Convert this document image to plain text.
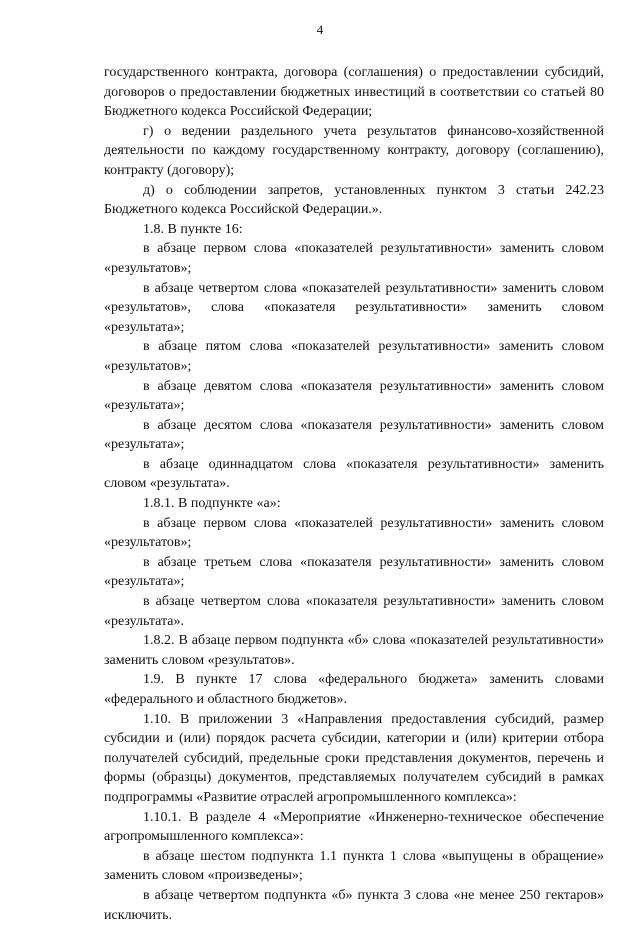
4

государственного контракта, договора (соглашения) о предоставлении субсидий, договоров о предоставлении бюджетных инвестиций в соответствии со статьей 80 Бюджетного кодекса Российской Федерации;

г) о ведении раздельного учета результатов финансово-хозяйственной деятельности по каждому государственному контракту, договору (соглашению), контракту (договору);

д) о соблюдении запретов, установленных пунктом 3 статьи 242.23 Бюджетного кодекса Российской Федерации.».

1.8. В пункте 16:

в абзаце первом слова «показателей результативности» заменить словом «результатов»;

в абзаце четвертом слова «показателей результативности» заменить словом «результатов», слова «показателя результативности» заменить словом «результата»;

в абзаце пятом слова «показателей результативности» заменить словом «результатов»;

в абзаце девятом слова «показателя результативности» заменить словом «результата»;

в абзаце десятом слова «показателя результативности» заменить словом «результата»;

в абзаце одиннадцатом слова «показателя результативности» заменить словом «результата».

1.8.1. В подпункте «а»:

в абзаце первом слова «показателей результативности» заменить словом «результатов»;

в абзаце третьем слова «показателя результативности» заменить словом «результата»;

в абзаце четвертом слова «показателя результативности» заменить словом «результата».

1.8.2. В абзаце первом подпункта «б» слова «показателей результативности» заменить словом «результатов».

1.9. В пункте 17 слова «федерального бюджета» заменить словами «федерального и областного бюджетов».

1.10. В приложении 3 «Направления предоставления субсидий, размер субсидии и (или) порядок расчета субсидии, категории и (или) критерии отбора получателей субсидий, предельные сроки представления документов, перечень и формы (образцы) документов, представляемых получателем субсидий в рамках подпрограммы «Развитие отраслей агропромышленного комплекса»:

1.10.1. В разделе 4 «Мероприятие «Инженерно-техническое обеспечение агропромышленного комплекса»:

в абзаце шестом подпункта 1.1 пункта 1 слова «выпущены в обращение» заменить словом «произведены»;

в абзаце четвертом подпункта «б» пункта 3 слова «не менее 250 гектаров» исключить.
